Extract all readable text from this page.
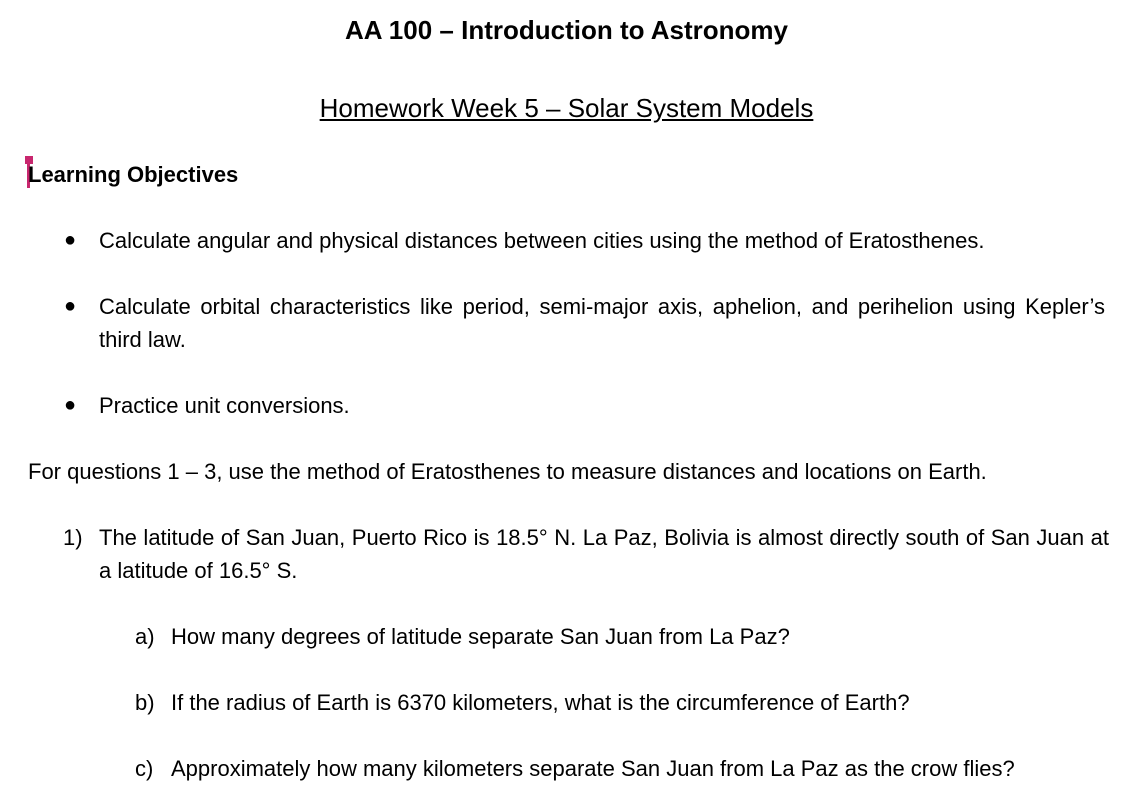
AA 100 – Introduction to Astronomy
Homework Week 5 – Solar System Models
Learning Objectives
● Calculate angular and physical distances between cities using the method of Eratosthenes.
● Calculate orbital characteristics like period, semi-major axis, aphelion, and perihelion using Kepler’s third law.
● Practice unit conversions.
For questions 1 – 3, use the method of Eratosthenes to measure distances and locations on Earth.
1) The latitude of San Juan, Puerto Rico is 18.5° N. La Paz, Bolivia is almost directly south of San Juan at a latitude of 16.5° S.
a) How many degrees of latitude separate San Juan from La Paz?
b) If the radius of Earth is 6370 kilometers, what is the circumference of Earth?
c) Approximately how many kilometers separate San Juan from La Paz as the crow flies?
